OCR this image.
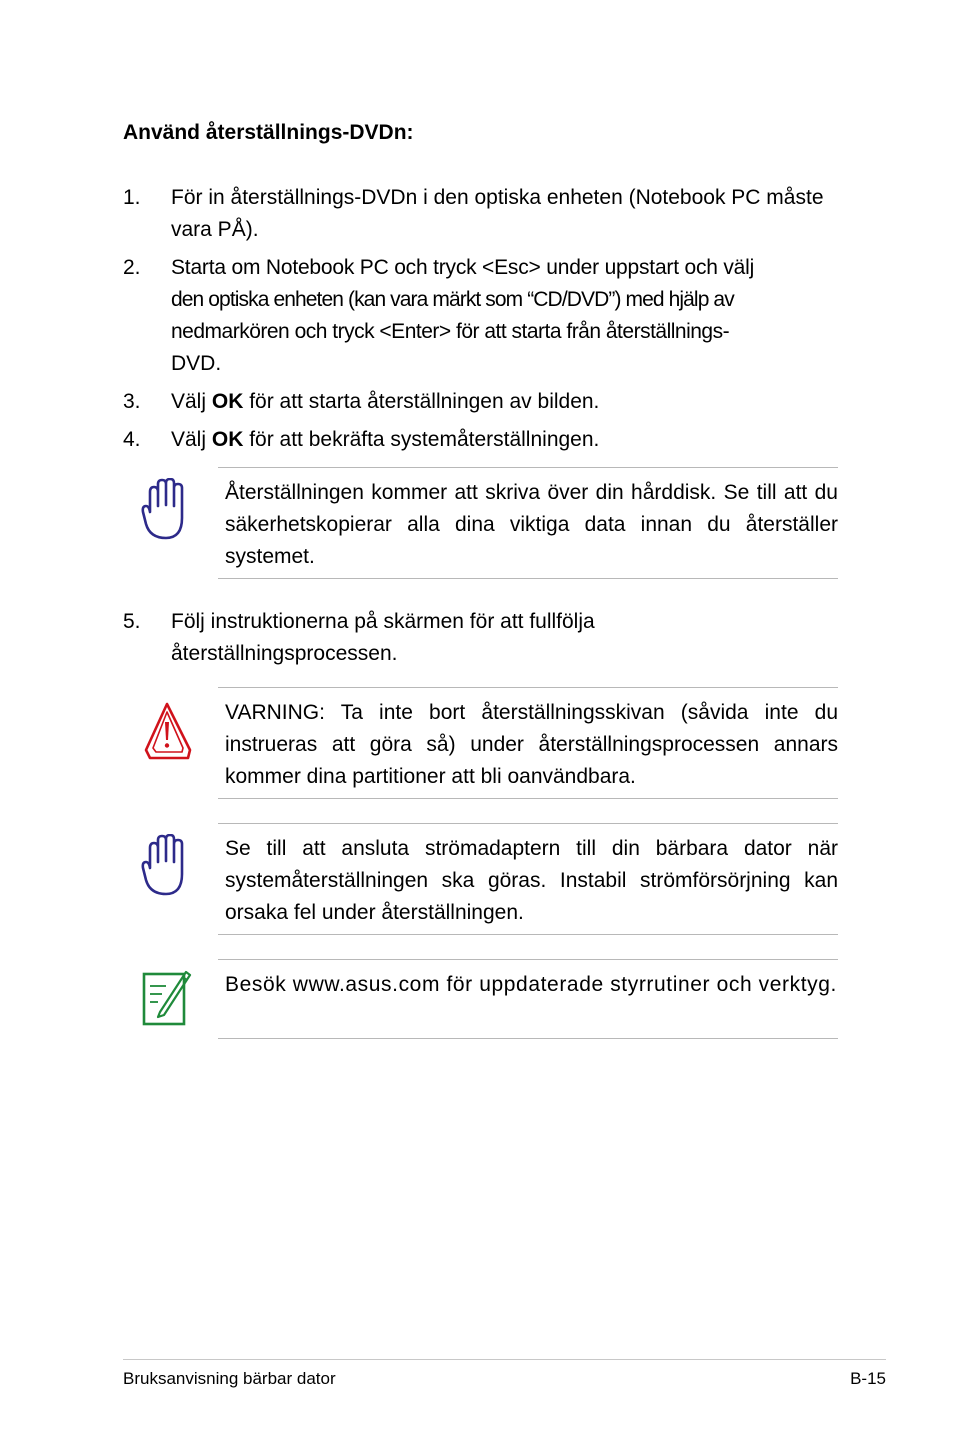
Använd återställnings-DVDn:
1.	För in återställnings-DVDn i den optiska enheten (Notebook PC måste vara PÅ).
2.	Starta om Notebook PC och tryck <Esc> under uppstart och välj
den optiska enheten (kan vara märkt som “CD/DVD”) med hjälp av
nedmarkören och tryck <Enter> för att starta från återställnings-
DVD.
3.	Välj OK för att starta återställningen av bilden.
4.	Välj OK för att bekräfta systemåterställningen.
Återställningen kommer att skriva över din hårddisk. Se till att du säkerhetskopierar alla dina viktiga data innan du återställer systemet.
5.	Följ instruktionerna på skärmen för att fullfölja återställningsprocessen.
VARNING: Ta inte bort återställningsskivan (såvida inte du instrueras att göra så) under återställningsprocessen annars kommer dina partitioner att bli oanvändbara.
Se till att ansluta strömadaptern till din bärbara dator när systemåterställningen ska göras. Instabil strömförsörjning kan orsaka fel under återställningen.
Besök www.asus.com för uppdaterade styrrutiner och verktyg.
Bruksanvisning bärbar dator	B-15
